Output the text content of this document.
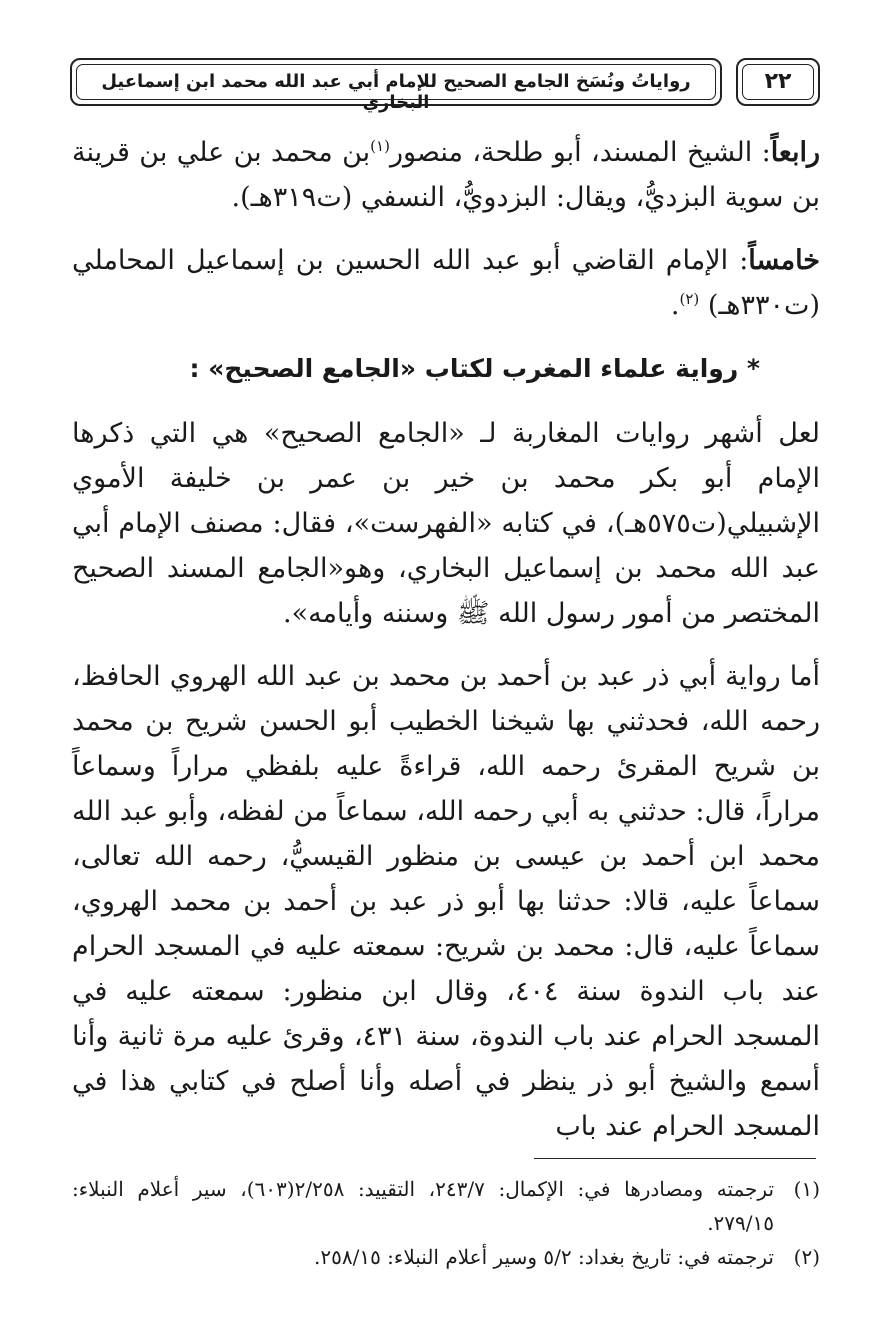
٢٢
رواياتُ ونُسَخ الجامع الصحيح للإمام أبي عبد الله محمد ابن إسماعيل البخاري

رابعاً: الشيخ المسند، أبو طلحة، منصور$^{(١)}$بن محمد بن علي بن قرينة بن سوية البزديُّ، ويقال: البزدويُّ، النسفي (ت٣١٩هـ).

خامساً: الإمام القاضي أبو عبد الله الحسين بن إسماعيل المحاملي (ت٣٣٠هـ) $^{(٢)}$.

* رواية علماء المغرب لكتاب «الجامع الصحيح» :

لعل أشهر روايات المغاربة لـ «الجامع الصحيح» هي التي ذكرها الإمام أبو بكر محمد بن خير بن عمر بن خليفة الأموي الإشبيلي(ت٥٧٥هـ)، في كتابه «الفهرست»، فقال: مصنف الإمام أبي عبد الله محمد بن إسماعيل البخاري، وهو«الجامع المسند الصحيح المختصر من أمور رسول الله ﷺ وسننه وأيامه».

أما رواية أبي ذر عبد بن أحمد بن محمد بن عبد الله الهروي الحافظ، رحمه الله، فحدثني بها شيخنا الخطيب أبو الحسن شريح بن محمد بن شريح المقرئ رحمه الله، قراءةً عليه بلفظي مراراً وسماعاً مراراً، قال: حدثني به أبي رحمه الله، سماعاً من لفظه، وأبو عبد الله محمد ابن أحمد بن عيسى بن منظور القيسيُّ، رحمه الله تعالى، سماعاً عليه، قالا: حدثنا بها أبو ذر عبد بن أحمد بن محمد الهروي، سماعاً عليه، قال: محمد بن شريح: سمعته عليه في المسجد الحرام عند باب الندوة سنة ٤٠٤، وقال ابن منظور: سمعته عليه في المسجد الحرام عند باب الندوة، سنة ٤٣١، وقرئ عليه مرة ثانية وأنا أسمع والشيخ أبو ذر ينظر في أصله وأنا أصلح في كتابي هذا في المسجد الحرام عند باب

(١)
ترجمته ومصادرها في: الإكمال: ٢٤٣/٧، التقييد: ٢/٢٥٨(٦٠٣)، سير أعلام النبلاء: ٢٧٩/١٥.

(٢)
ترجمته في: تاريخ بغداد: ٥/٢ وسير أعلام النبلاء: ٢٥٨/١٥.
